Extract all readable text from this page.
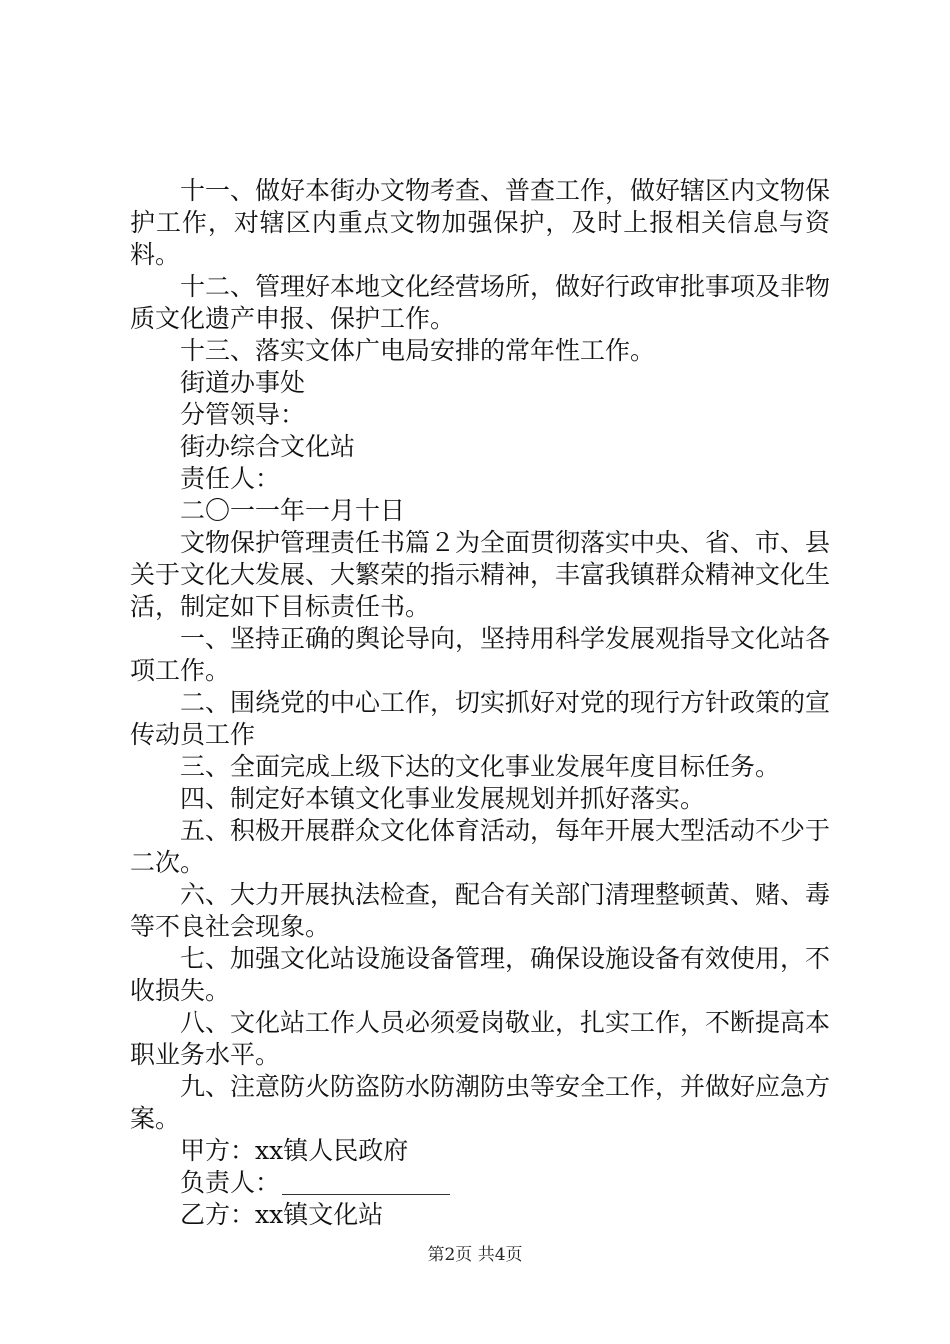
十一、做好本街办文物考查、普查工作，做好辖区内文物保护工作，对辖区内重点文物加强保护，及时上报相关信息与资料。

十二、管理好本地文化经营场所，做好行政审批事项及非物质文化遗产申报、保护工作。

十三、落实文体广电局安排的常年性工作。

街道办事处

分管领导：

街办综合文化站

责任人：

二〇一一年一月十日

文物保护管理责任书篇２为全面贯彻落实中央、省、市、县关于文化大发展、大繁荣的指示精神，丰富我镇群众精神文化生活，制定如下目标责任书。

一、坚持正确的舆论导向，坚持用科学发展观指导文化站各项工作。

二、围绕党的中心工作，切实抓好对党的现行方针政策的宣传动员工作

三、全面完成上级下达的文化事业发展年度目标任务。

四、制定好本镇文化事业发展规划并抓好落实。

五、积极开展群众文化体育活动，每年开展大型活动不少于二次。

六、大力开展执法检查，配合有关部门清理整顿黄、赌、毒等不良社会现象。

七、加强文化站设施设备管理，确保设施设备有效使用，不收损失。

八、文化站工作人员必须爱岗敬业，扎实工作，不断提高本职业务水平。

九、注意防火防盗防水防潮防虫等安全工作，并做好应急方案。

甲方：xx镇人民政府

负责人：

乙方：xx镇文化站

第2页 共4页
